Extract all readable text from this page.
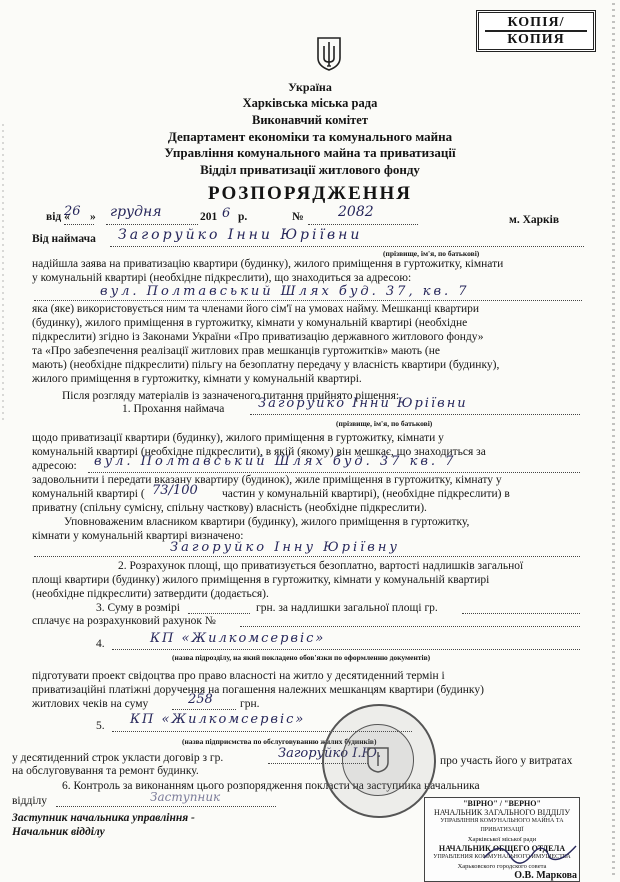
КОПІЯ/
КОПИЯ
Україна
Харківська міська рада
Виконавчий комітет
Департамент економіки та комунального майна
Управління комунального майна та приватизації
Відділ приватизації житлового фонду
РОЗПОРЯДЖЕННЯ
від «
26 » грудня	201 6 р.	№ 2082	м. Харків
Від наймача Загоруйко Інни Юріївни
(прізвище, ім'я, по батькові)
надійшла заява на приватизацію квартири (будинку), жилого приміщення в гуртожитку, кімнати
у комунальній квартирі (необхідне підкреслити), що знаходиться за адресою:
вул. Полтавський Шлях буд. 37, кв. 7
яка (яке) використовується ним та членами його сім'ї на умовах найму. Мешканці квартири
(будинку), жилого приміщення в гуртожитку, кімнати у комунальній квартирі (необхідне
підкреслити) згідно із Законами України «Про приватизацію державного житлового фонду»
та «Про забезпечення реалізації житлових прав мешканців гуртожитків» мають (не
мають) (необхідне підкреслити) пільгу на безоплатну передачу у власність квартири (будинку),
жилого приміщення в гуртожитку, кімнати у комунальній квартирі.
Після розгляду матеріалів із зазначеного питання прийнято рішення:
1. Прохання наймача	Загоруйко Інни Юріївни
(прізвище, ім'я, по батькові)
щодо приватизації квартири (будинку), жилого приміщення в гуртожитку, кімнати у
комунальній квартирі (необхідне підкреслити), в якій (якому) він мешкає, що знаходиться за
адресою: вул. Полтавський Шлях буд. 37 кв. 7
задовольнити і передати вказану квартиру (будинок), жиле приміщення в гуртожитку, кімнату у
комунальній квартирі ( 73/100 частин у комунальній квартирі), (необхідне підкреслити) в
приватну (спільну сумісну, спільну часткову) власність (необхідне підкреслити).
Уповноваженим власником квартири (будинку), жилого приміщення в гуртожитку,
кімнати у комунальній квартирі визначено:
Загоруйко Інну Юріївну
2. Розрахунок площі, що приватизується безоплатно, вартості надлишків загальної
площі квартири (будинку) жилого приміщення в гуртожитку, кімнати у комунальній квартирі
(необхідне підкреслити) затвердити (додається).
3. Суму в розмірі	грн. за надлишки загальної площі гр.
сплачує на розрахунковий рахунок №
4.	КП «Жилкомсервіс»
(назва підрозділу, на який покладено обов'язки по оформленню документів)
підготувати проект свідоцтва про право власності на житло у десятиденний термін і
приватизаційні платіжні доручення на погашення належних мешканцям квартири (будинку)
житлових чеків на суму	258 грн.
5. КП «Жилкомсервіс»
(назва підприємства по обслуговуванню жилих будинків)
у десятиденний строк укласти договір з гр.	Загоруйко І.Ю.	про участь його у витратах
на обслуговування та ремонт будинку.
6. Контроль за виконанням цього розпорядження покласти на заступника начальника
відділу	Заступник
Заступник начальника управління -
Начальник відділу
"ВІРНО" / "ВЕРНО"
НАЧАЛЬНИК ЗАГАЛЬНОГО ВІДДІЛУ
УПРАВЛІННЯ КОМУНАЛЬНОГО МАЙНА ТА ПРИВАТИЗАЦІЇ
Харківської міської ради
НАЧАЛЬНИК ОБЩЕГО ОТДЕЛА
УПРАВЛЕНИЯ КОММУНАЛЬНОГО ИМУЩЕСТВА
Харьковского городского совета
О.В. Маркова
